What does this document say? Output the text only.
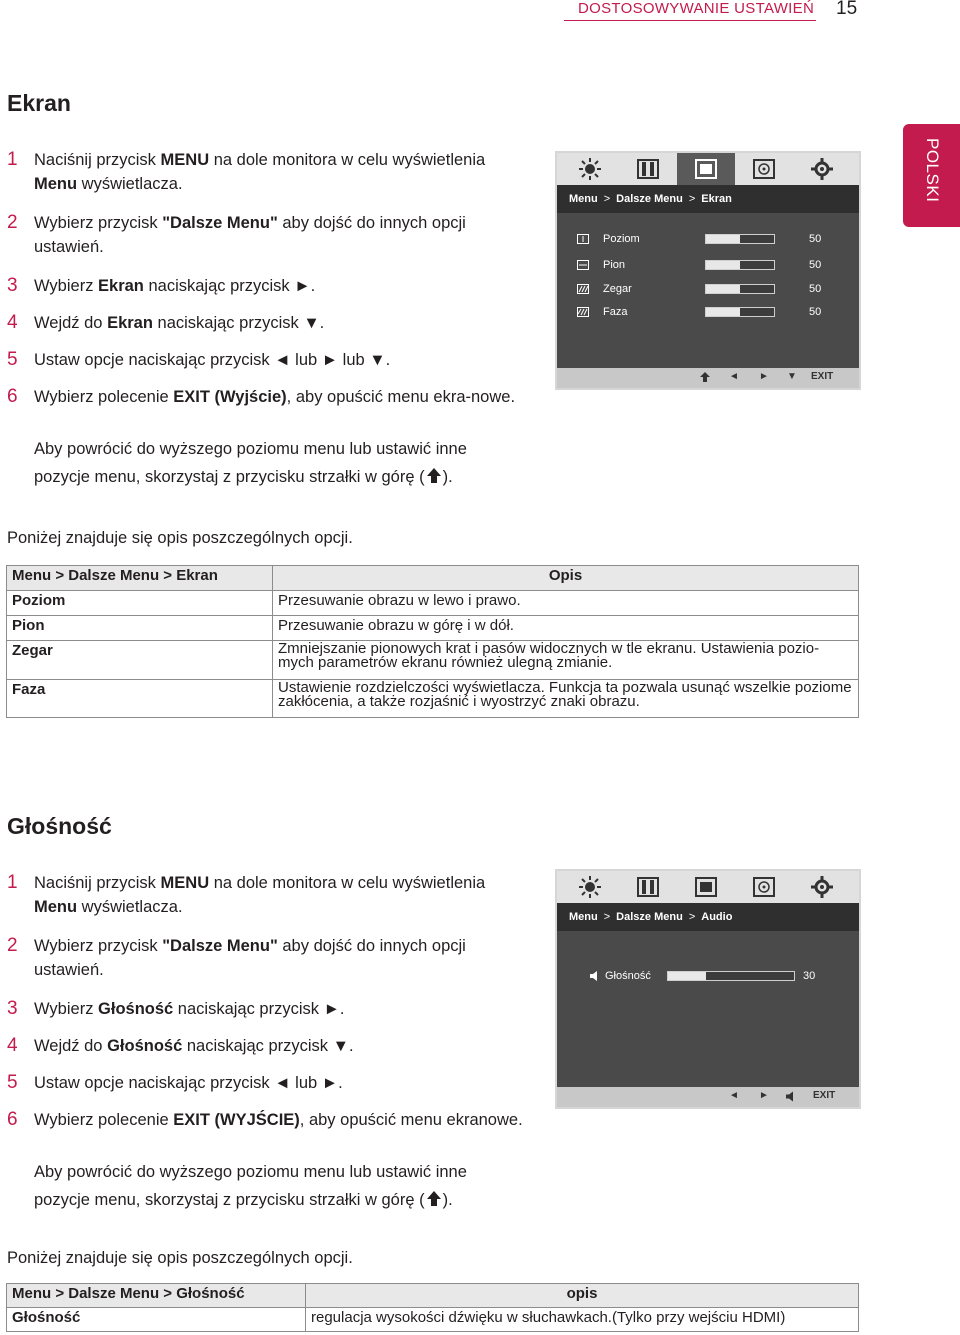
DOSTOSOWYWANIE USTAWIEŃ 15
POLSKI
Ekran
1 Naciśnij przycisk MENU na dole monitora w celu wyświetlenia Menu wyświetlacza.
2 Wybierz przycisk "Dalsze Menu" aby dojść do innych opcji ustawień.
3 Wybierz Ekran naciskając przycisk ►.
4 Wejdź do Ekran naciskając przycisk ▼.
5 Ustaw opcje naciskając przycisk ◄ lub ► lub ▼.
6 Wybierz polecenie EXIT (Wyjście), aby opuścić menu ekra-nowe.
Aby powrócić do wyższego poziomu menu lub ustawić inne
pozycje menu, skorzystaj z przycisku strzałki w górę ( ).
Menu > Dalsze Menu > Ekran
Poziom	50
Pion	50
Zegar	50
Faza	50
◄ ► ▼ EXIT
Poniżej znajduje się opis poszczególnych opcji.
Menu > Dalsze Menu > Ekran	Opis
Poziom	Przesuwanie obrazu w lewo i prawo.
Pion	Przesuwanie obrazu w górę i w dół.
Zegar	Zmniejszanie pionowych krat i pasów widocznych w tle ekranu. Ustawienia pozio-mych parametrów ekranu również ulegną zmianie.
Faza	Ustawienie rozdzielczości wyświetlacza. Funkcja ta pozwala usunąć wszelkie poziome zakłócenia, a także rozjaśnić i wyostrzyć znaki obrazu.
Głośność
1 Naciśnij przycisk MENU na dole monitora w celu wyświetlenia Menu wyświetlacza.
2 Wybierz przycisk "Dalsze Menu" aby dojść do innych opcji ustawień.
3 Wybierz Głośność naciskając przycisk ►.
4 Wejdź do Głośność naciskając przycisk ▼.
5 Ustaw opcje naciskając przycisk ◄ lub ►.
6 Wybierz polecenie EXIT (WYJŚCIE), aby opuścić menu ekranowe.
Aby powrócić do wyższego poziomu menu lub ustawić inne
pozycje menu, skorzystaj z przycisku strzałki w górę ( ).
Menu > Dalsze Menu > Audio
Głośność	30
◄ ►	EXIT
Poniżej znajduje się opis poszczególnych opcji.
Menu > Dalsze Menu > Głośność	opis
Głośność	regulacja wysokości dźwięku w słuchawkach.(Tylko przy wejściu HDMI)
